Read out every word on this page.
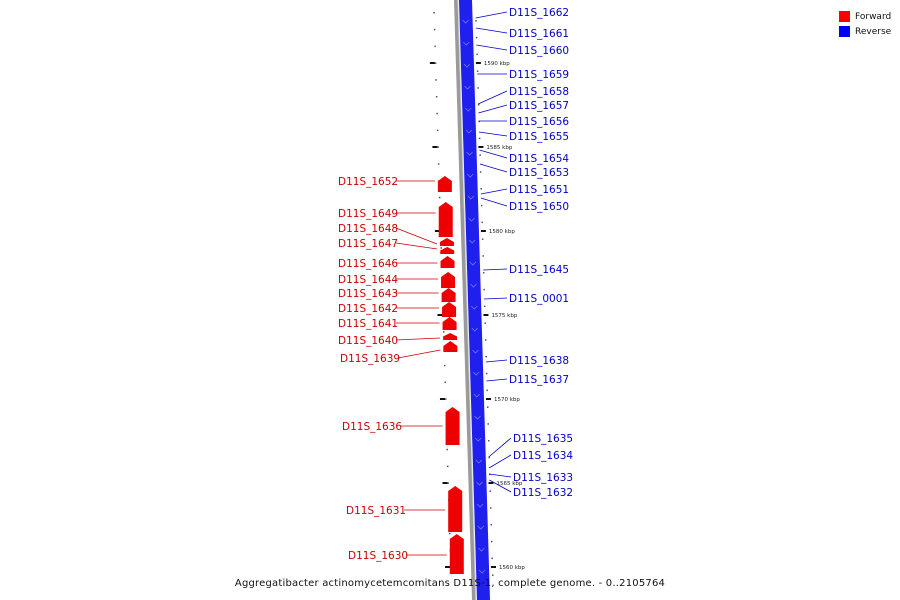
1590 kbp
1585 kbp
1580 kbp
1575 kbp
1570 kbp
1565 kbp
1560 kbp
D11S_1652
D11S_1649
D11S_1648
D11S_1647
D11S_1646
D11S_1644
D11S_1643
D11S_1642
D11S_1641
D11S_1640
D11S_1639
D11S_1636
D11S_1631
D11S_1630
D11S_1662
D11S_1661
D11S_1660
D11S_1659
D11S_1658
D11S_1657
D11S_1656
D11S_1655
D11S_1654
D11S_1653
D11S_1651
D11S_1650
D11S_1645
D11S_0001
D11S_1638
D11S_1637
D11S_1635
D11S_1634
D11S_1633
D11S_1632
Forward
Reverse
Aggregatibacter actinomycetemcomitans D11S-1, complete genome. - 0..2105764
